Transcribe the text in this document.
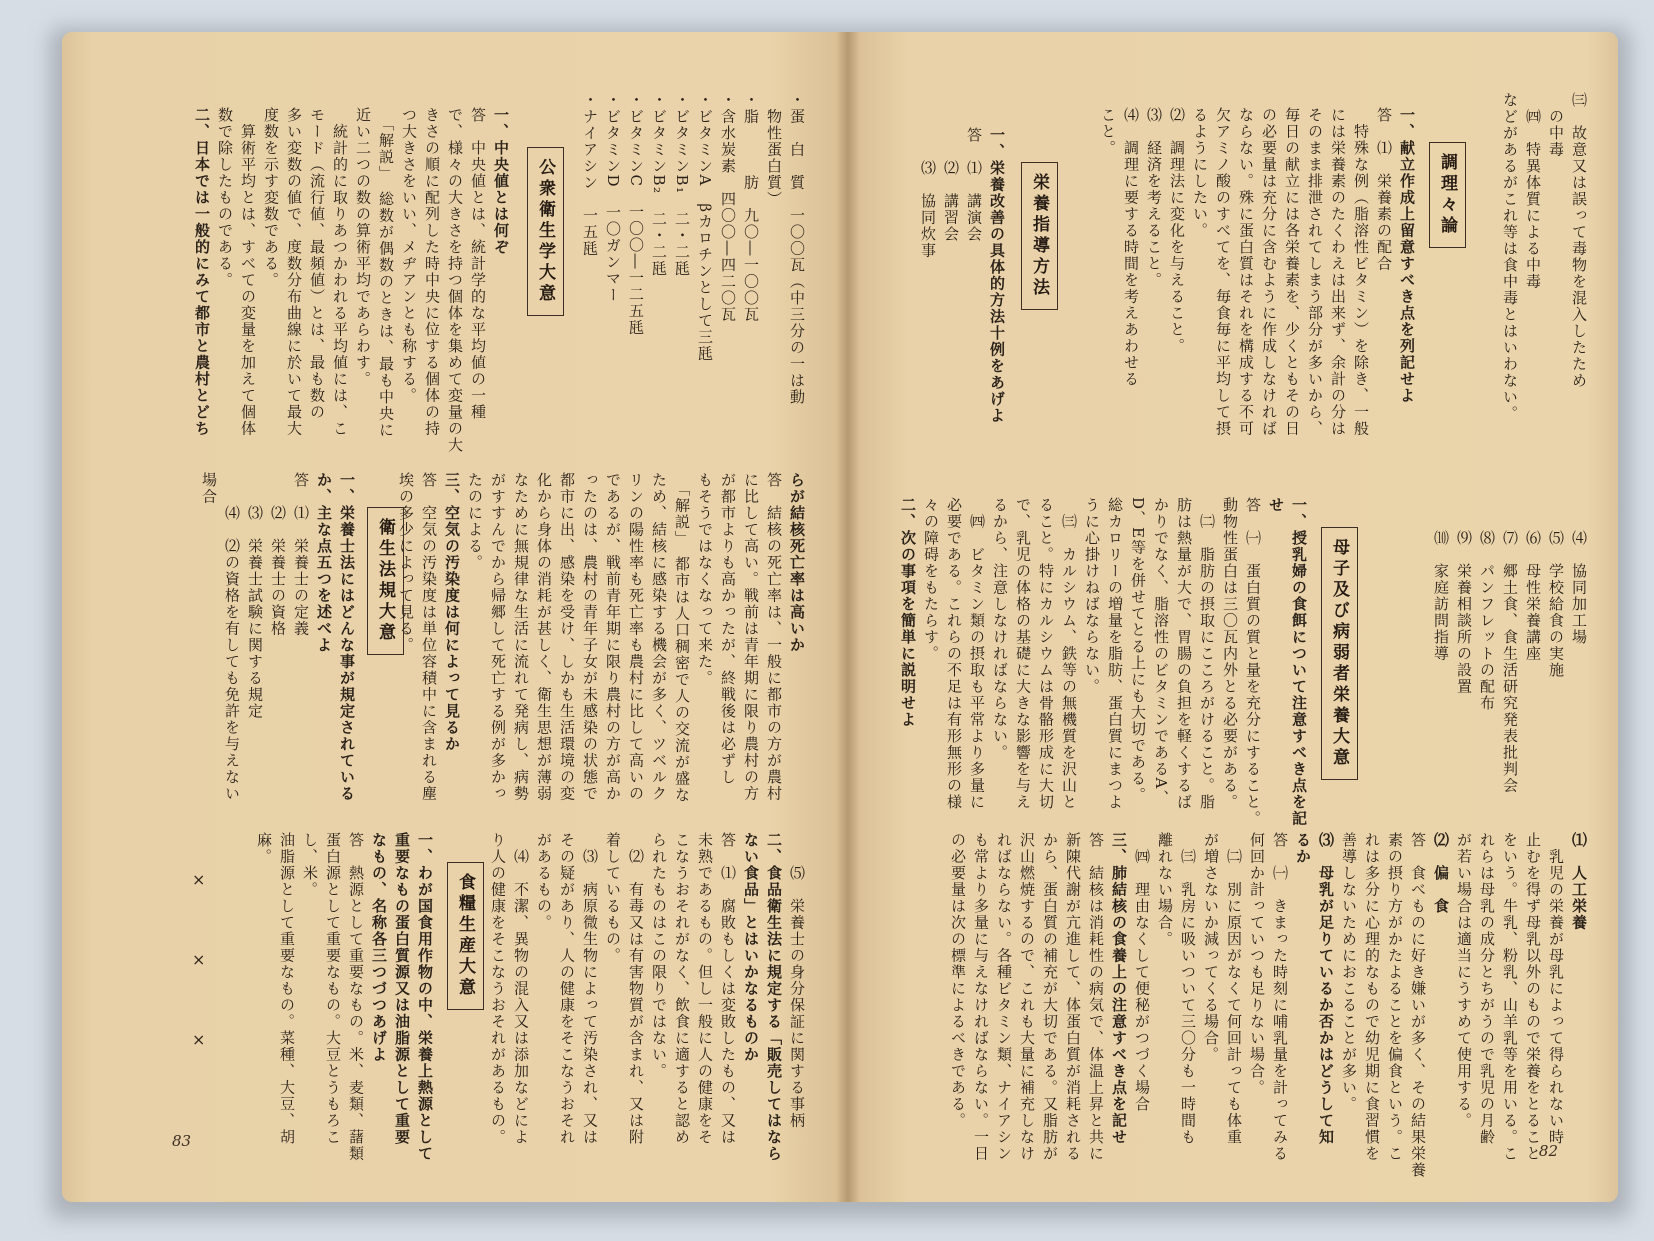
・蛋　白　質　一〇〇瓦（中三分の一は動

　物性蛋白質）

・脂　　　肪　九〇―一〇〇瓦

・含水炭素　四〇〇―四二〇瓦

・ビタミンA　βカロチンとして三瓱

・ビタミンB₁　二・二瓱

・ビタミンB₂　二・二瓱

・ビタミンC　一〇〇―一二五瓱

・ビタミンD　一〇ガンマー

・ナイアシン　一五瓱

公衆衛生学大意

一、中央値とは何ぞ

答　中央値とは、統計学的な平均値の一種

で、様々の大きさを持つ個体を集めて変量の大

きさの順に配列した時中央に位する個体の持

つ大きさをいい、メヂアンとも称する。

　「解説」　総数が偶数のときは、最も中央に

近い二つの数の算術平均であらわす。

　統計的に取りあつかわれる平均値には、こ

モード（流行値、最頻値）とは、最も数の

多い変数の値で、度数分布曲線に於いて最大

度数を示す変数である。

　算術平均とは、すべての変量を加えて個体

数で除したものである。

二、日本では一般的にみて都市と農村とどち

らが結核死亡率は高いか

答　結核の死亡率は、一般に都市の方が農村

に比して高い。戦前は青年期に限り農村の方

が都市よりも高かったが、終戦後は必ずし

もそうではなくなって来た。

　「解説」　都市は人口稠密で人の交流が盛な

ため、結核に感染する機会が多く、ツベルク

リンの陽性率も死亡率も農村に比して高いの

であるが、戦前青年期に限り農村の方が高か

ったのは、農村の青年子女が未感染の状態で

都市に出、感染を受け、しかも生活環境の変

化から身体の消耗が甚しく、衛生思想が薄弱

なために無規律な生活に流れて発病し、病勢

がすすんでから帰郷して死亡する例が多かっ

たのによる。

三、空気の汚染度は何によって見るか

答　空気の汚染度は単位容積中に含まれる塵

埃の多少によって見る。

衛生法規大意

一、栄養士法にはどんな事が規定されている

か、主な点五つを述べよ

答　⑴　栄養士の定義

　　⑵　栄養士の資格

　　⑶　栄養士試験に関する規定

　　⑷　⑵の資格を有しても免許を与えない

場合

　　⑸　栄養士の身分保証に関する事柄

二、食品衛生法に規定する「販売してはなら

ない食品」とはいかなるものか

答　⑴　腐敗もしくは変敗したもの、又は

未熟であるもの。但し一般に人の健康をそ

こなうおそれがなく、飲食に適すると認め

られたものはこの限りではない。

　⑵　有毒又は有害物質が含まれ、又は附

着しているもの。

　⑶　病原微生物によって汚染され、又は

その疑があり、人の健康をそこなうおそれ

があるもの。

　⑷　不潔、異物の混入又は添加などによ

り人の健康をそこなうおそれがあるもの。

食糧生産大意

一、わが国食用作物の中、栄養上熱源として

重要なもの蛋白質源又は油脂源として重要

なもの、名称各三つづつあげよ

答　熱源として重要なもの。米、麦類、藷類

蛋白源として重要なもの。大豆とうもろこ

し、米。

油脂源として重要なもの。菜種、大豆、胡

麻。

×
×
×
83

㈢　故意又は誤って毒物を混入したため

　の中毒

　㈣　特異体質による中毒

などがあるがこれ等は食中毒とはいわない。

調理々論

一、献立作成上留意すべき点を列記せよ

答　⑴　栄養素の配合

　特殊な例（脂溶性ビタミン）を除き、一般

には栄養素のたくわえは出来ず、余計の分は

そのまま排泄されてしまう部分が多いから、

毎日の献立には各栄養素を、少くともその日

の必要量は充分に含むように作成しなければ

ならない。殊に蛋白質はそれを構成する不可

欠アミノ酸のすべてを、毎食毎に平均して摂

るようにしたい。

⑵　調理法に変化を与えること。

⑶　経済を考えること。

⑷　調理に要する時間を考えあわせる

こと。

栄養指導方法

一、栄養改善の具体的方法十例をあげよ

答　⑴　講演会

　　⑵　講習会

　　⑶　協同炊事

　　⑷　協同加工場

　　⑸　学校給食の実施

　　⑹　母性栄養講座

　　⑺　郷土食、食生活研究発表批判会

　　⑻　パンフレットの配布

　　⑼　栄養相談所の設置

　　⑽　家庭訪問指導

母子及び病弱者栄養大意

一、授乳婦の食餌について注意すべき点を記

せ

答　㈠　蛋白質の質と量を充分にすること。

動物性蛋白は三〇瓦内外とる必要がある。

　㈡　脂肪の摂取にこころがけること。脂

肪は熱量が大で、胃腸の負担を軽くするば

かりでなく、脂溶性のビタミンであるA、

D、E等を併せてとる上にも大切である。

総カロリーの増量を脂肪、蛋白質にまつよ

うに心掛けねばならない。

　㈢　カルシウム、鉄等の無機質を沢山と

ること。特にカルシウムは骨骼形成に大切

で、乳児の体格の基礎に大きな影響を与え

るから、注意しなければならない。

　㈣　ビタミン類の摂取も平常より多量に

必要である。これらの不足は有形無形の様

々の障碍をもたらす。

二、次の事項を簡単に説明せよ

⑴　人工栄養

　乳児の栄養が母乳によって得られない時

止むを得ず母乳以外のもので栄養をとること

をいう。牛乳、粉乳、山羊乳等を用いる。こ

れらは母乳の成分とちがうので乳児の月齢

が若い場合は適当にうすめて使用する。

⑵　偏　食

答　食べものに好き嫌いが多く、その結果栄養

素の摂り方がかたよることを偏食という。こ

れは多分に心理的なもので幼児期に食習慣を

善導しないためにおこることが多い。

⑶　母乳が足りているか否かはどうして知

るか

答　㈠　きまった時刻に哺乳量を計ってみる

何回か計っていつも足りない場合。

　㈡　別に原因がなくて何回計っても体重

が増さないか減ってくる場合。

　㈢　乳房に吸いついて三〇分も一時間も

離れない場合。

　㈣　理由なくして便秘がつづく場合

三、肺結核の食養上の注意すべき点を記せ

答　結核は消耗性の病気で、体温上昇と共に

新陳代謝が亢進して、体蛋白質が消耗される

から、蛋白質の補充が大切である。又脂肪が

沢山燃焼するので、これも大量に補充しなけ

ればならない。各種ビタミン類、ナイアシン

も常より多量に与えなければならない。一日

の必要量は次の標準によるべきである。

82
